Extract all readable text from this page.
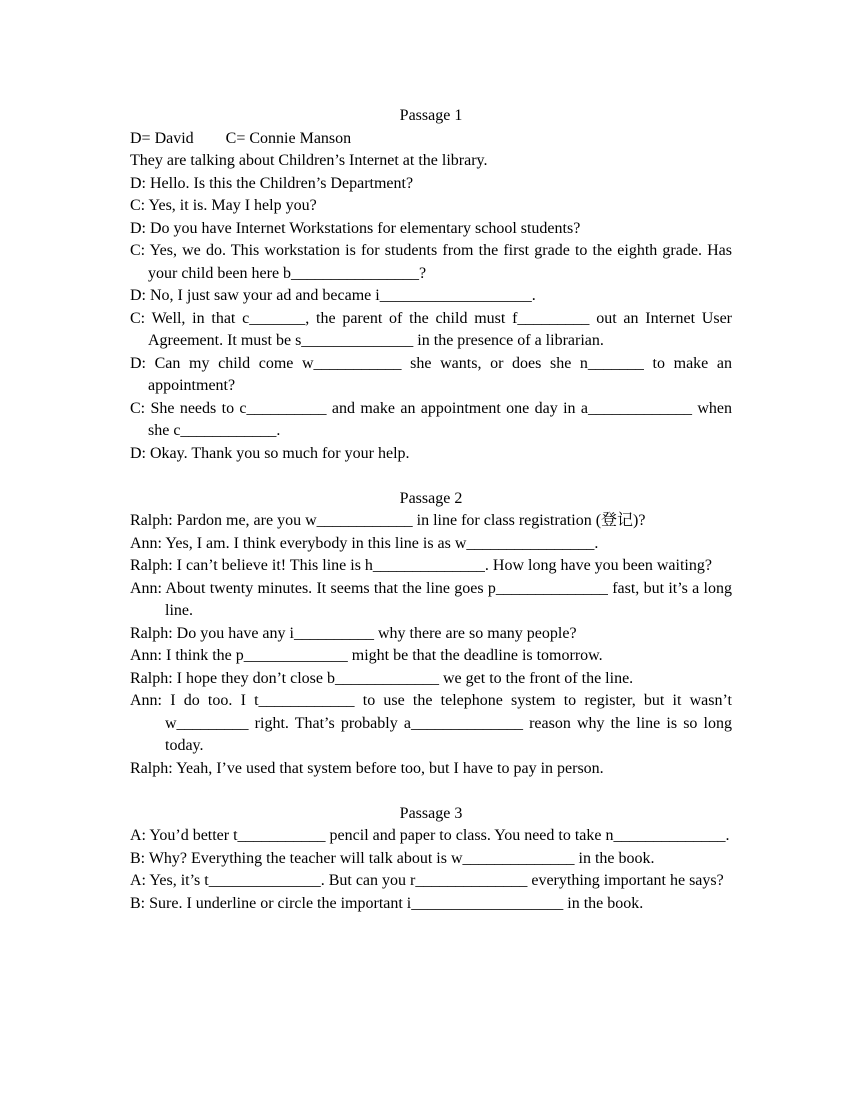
Passage 1

D= David        C= Connie Manson

They are talking about Children’s Internet at the library.

D: Hello. Is this the Children’s Department?

C: Yes, it is. May I help you?

D: Do you have Internet Workstations for elementary school students?

C: Yes, we do. This workstation is for students from the first grade to the eighth grade. Has your child been here b________________?

D: No, I just saw your ad and became i___________________.

C: Well, in that c_______, the parent of the child must f_________ out an Internet User Agreement. It must be s______________ in the presence of a librarian.

D: Can my child come w___________ she wants, or does she n_______ to make an appointment?

C: She needs to c__________ and make an appointment one day in a_____________ when she c____________.

D: Okay. Thank you so much for your help.

Passage 2

Ralph: Pardon me, are you w____________ in line for class registration (登记)?

Ann: Yes, I am. I think everybody in this line is as w________________.

Ralph: I can’t believe it! This line is h______________. How long have you been waiting?

Ann: About twenty minutes. It seems that the line goes p______________ fast, but it’s a long line.

Ralph: Do you have any i__________ why there are so many people?

Ann: I think the p_____________ might be that the deadline is tomorrow.

Ralph: I hope they don’t close b_____________ we get to the front of the line.

Ann: I do too. I t____________ to use the telephone system to register, but it wasn’t w_________ right. That’s probably a______________ reason why the line is so long today.

Ralph: Yeah, I’ve used that system before too, but I have to pay in person.

Passage 3

A: You’d better t___________ pencil and paper to class. You need to take n______________.

B: Why? Everything the teacher will talk about is w______________ in the book.

A: Yes, it’s t______________. But can you r______________ everything important he says?

B: Sure. I underline or circle the important i___________________ in the book.
